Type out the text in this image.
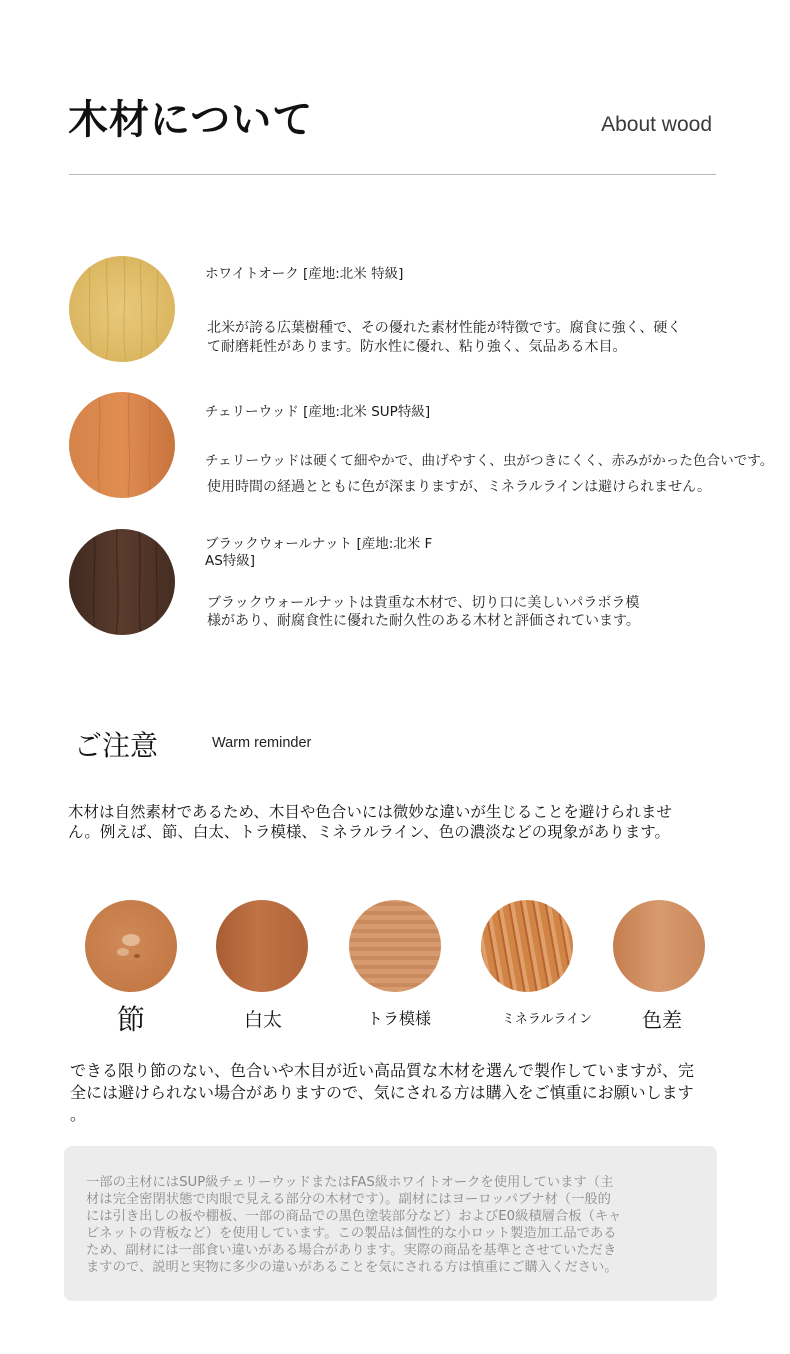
木材について	About wood
ホワイトオーク [産地:北米 特級]
北米が誇る広葉樹種で、その優れた素材性能が特徴です。腐食に強く、硬く
て耐磨耗性があります。防水性に優れ、粘り強く、気品ある木目。
チェリーウッド [産地:北米 SUP特級]
チェリーウッドは硬くて細やかで、曲げやすく、虫がつきにくく、赤みがかった色合いです。
使用時間の経過とともに色が深まりますが、ミネラルラインは避けられません。
ブラックウォールナット [産地:北米 F
AS特級]
ブラックウォールナットは貴重な木材で、切り口に美しいパラボラ模
様があり、耐腐食性に優れた耐久性のある木材と評価されています。
ご注意	Warm reminder
木材は自然素材であるため、木目や色合いには微妙な違いが生じることを避けられませ
ん。例えば、節、白太、トラ模様、ミネラルライン、色の濃淡などの現象があります。
節	白太	トラ模様	ミネラルライン	色差
できる限り節のない、色合いや木目が近い高品質な木材を選んで製作していますが、完
全には避けられない場合がありますので、気にされる方は購入をご慎重にお願いします
。
一部の主材にはSUP級チェリーウッドまたはFAS級ホワイトオークを使用しています（主
材は完全密閉状態で肉眼で見える部分の木材です）。副材にはヨーロッパブナ材（一般的
には引き出しの板や棚板、一部の商品での黒色塗装部分など）およびE0級積層合板（キャ
ビネットの背板など）を使用しています。この製品は個性的な小ロット製造加工品である
ため、副材には一部食い違いがある場合があります。実際の商品を基準とさせていただき
ますので、説明と実物に多少の違いがあることを気にされる方は慎重にご購入ください。
